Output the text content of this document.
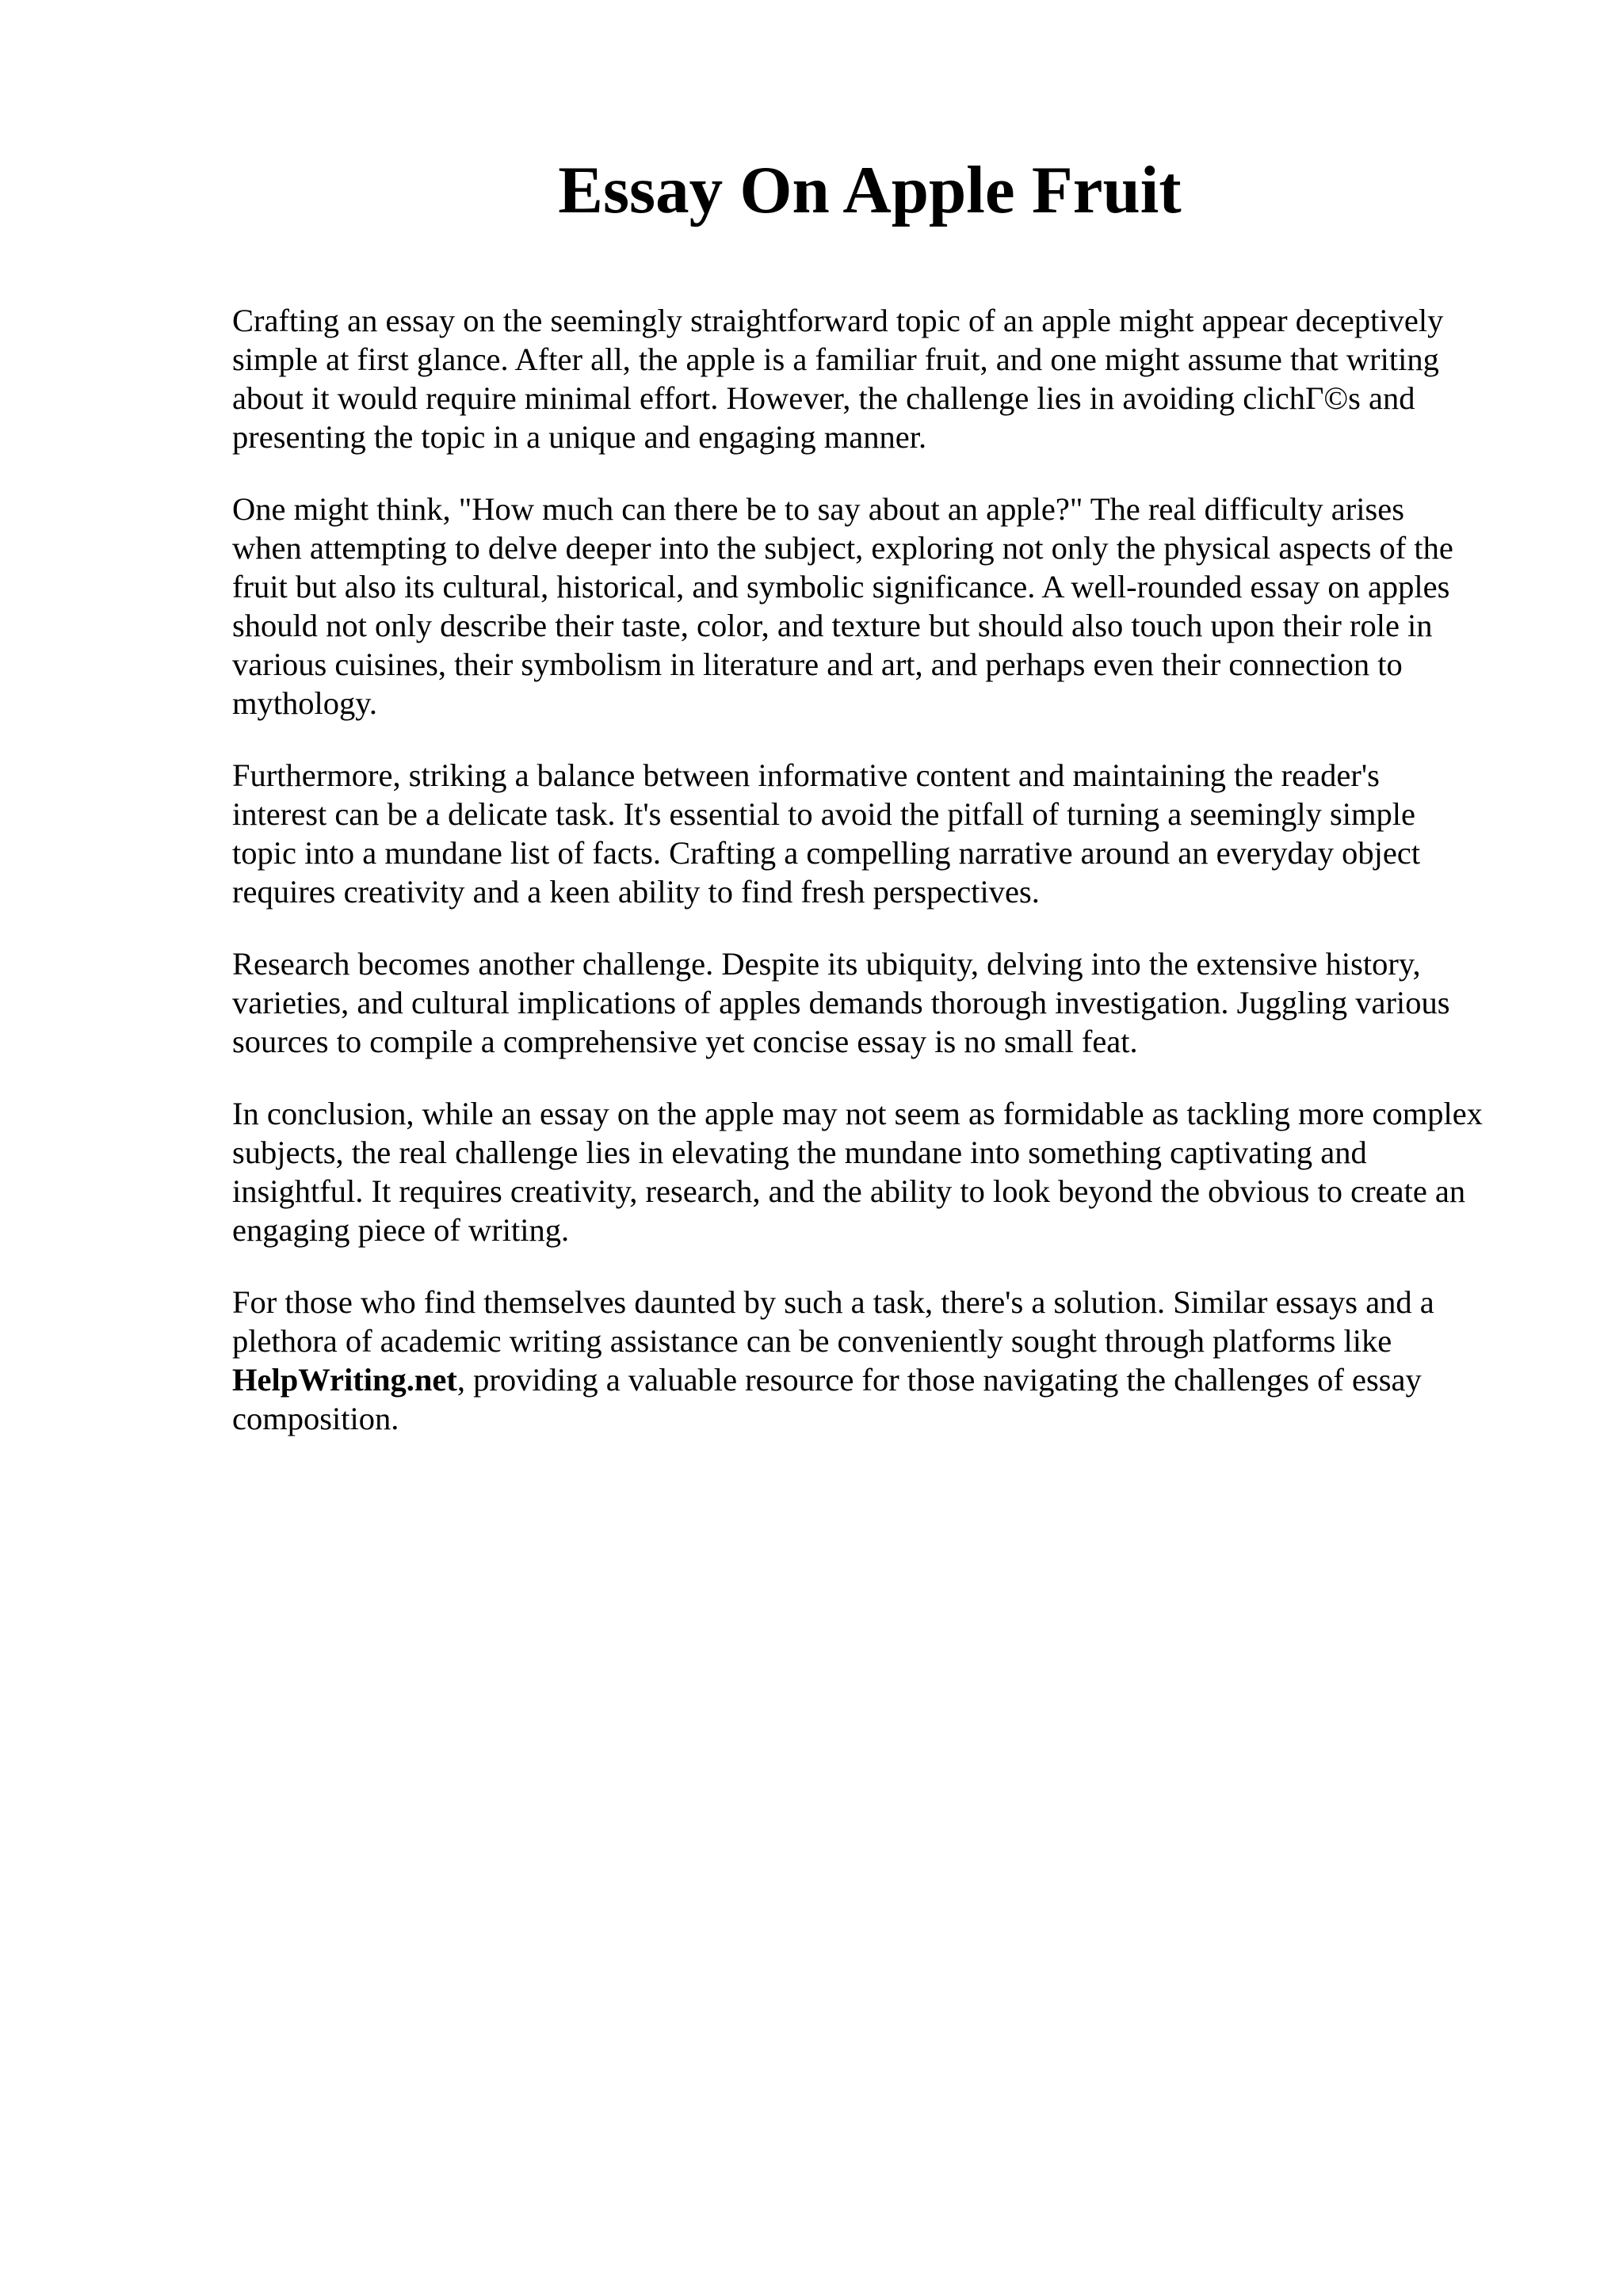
Essay On Apple Fruit

Crafting an essay on the seemingly straightforward topic of an apple might appear deceptively
simple at first glance. After all, the apple is a familiar fruit, and one might assume that writing
about it would require minimal effort. However, the challenge lies in avoiding clichΓ©s and
presenting the topic in a unique and engaging manner.

One might think, "How much can there be to say about an apple?" The real difficulty arises
when attempting to delve deeper into the subject, exploring not only the physical aspects of the
fruit but also its cultural, historical, and symbolic significance. A well-rounded essay on apples
should not only describe their taste, color, and texture but should also touch upon their role in
various cuisines, their symbolism in literature and art, and perhaps even their connection to
mythology.

Furthermore, striking a balance between informative content and maintaining the reader's
interest can be a delicate task. It's essential to avoid the pitfall of turning a seemingly simple
topic into a mundane list of facts. Crafting a compelling narrative around an everyday object
requires creativity and a keen ability to find fresh perspectives.

Research becomes another challenge. Despite its ubiquity, delving into the extensive history,
varieties, and cultural implications of apples demands thorough investigation. Juggling various
sources to compile a comprehensive yet concise essay is no small feat.

In conclusion, while an essay on the apple may not seem as formidable as tackling more complex
subjects, the real challenge lies in elevating the mundane into something captivating and
insightful. It requires creativity, research, and the ability to look beyond the obvious to create an
engaging piece of writing.

For those who find themselves daunted by such a task, there's a solution. Similar essays and a
plethora of academic writing assistance can be conveniently sought through platforms like
HelpWriting.net, providing a valuable resource for those navigating the challenges of essay
composition.
